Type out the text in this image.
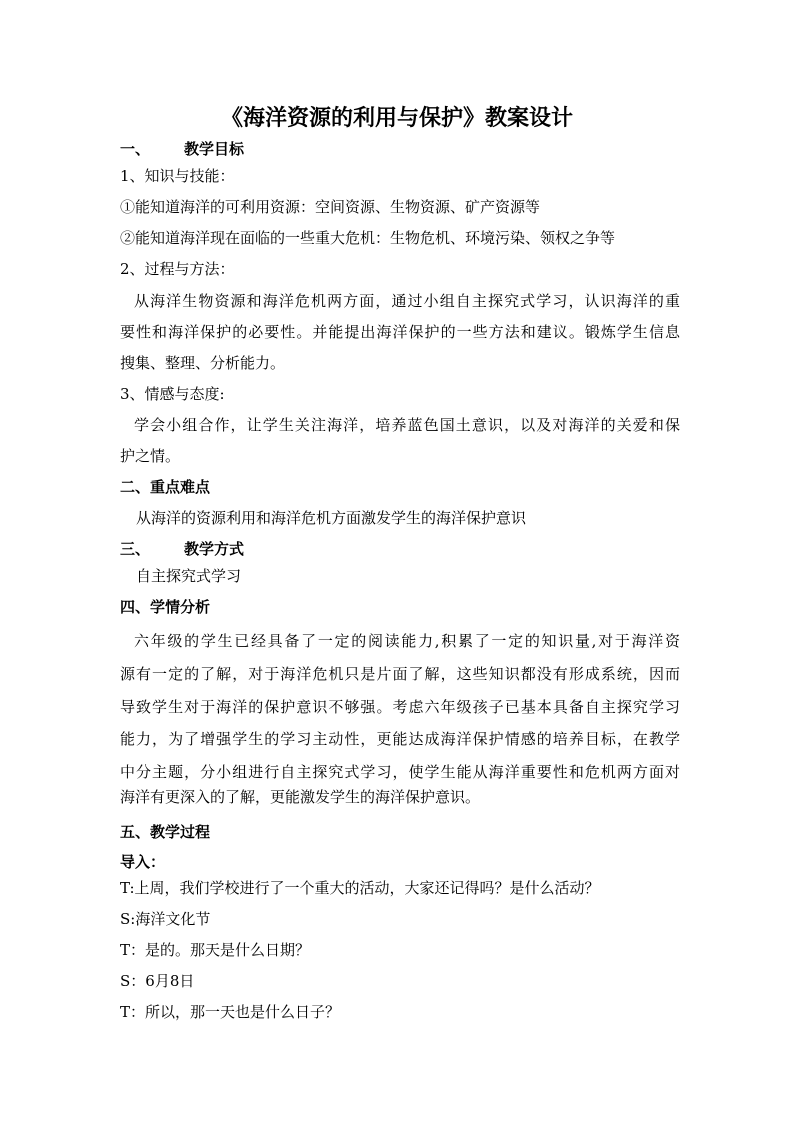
《海洋资源的利用与保护》教案设计
一、 教学目标
1、知识与技能：
①能知道海洋的可利用资源：空间资源、生物资源、矿产资源等
②能知道海洋现在面临的一些重大危机：生物危机、环境污染、领权之争等
2、过程与方法：
从海洋生物资源和海洋危机两方面，通过小组自主探究式学习，认识海洋的重
要性和海洋保护的必要性。并能提出海洋保护的一些方法和建议。锻炼学生信息
搜集、整理、分析能力。
3、情感与态度:
学会小组合作，让学生关注海洋，培养蓝色国土意识，以及对海洋的关爱和保
护之情。
二、重点难点
从海洋的资源利用和海洋危机方面激发学生的海洋保护意识
三、 教学方式
自主探究式学习
四、学情分析
六年级的学生已经具备了一定的阅读能力,积累了一定的知识量,对于海洋资
源有一定的了解，对于海洋危机只是片面了解，这些知识都没有形成系统，因而
导致学生对于海洋的保护意识不够强。考虑六年级孩子已基本具备自主探究学习
能力，为了增强学生的学习主动性，更能达成海洋保护情感的培养目标，在教学
中分主题，分小组进行自主探究式学习，使学生能从海洋重要性和危机两方面对
海洋有更深入的了解，更能激发学生的海洋保护意识。
五、教学过程
导入：
T:上周，我们学校进行了一个重大的活动，大家还记得吗？是什么活动？
S:海洋文化节
T：是的。那天是什么日期？
S：6月8日
T：所以，那一天也是什么日子？
